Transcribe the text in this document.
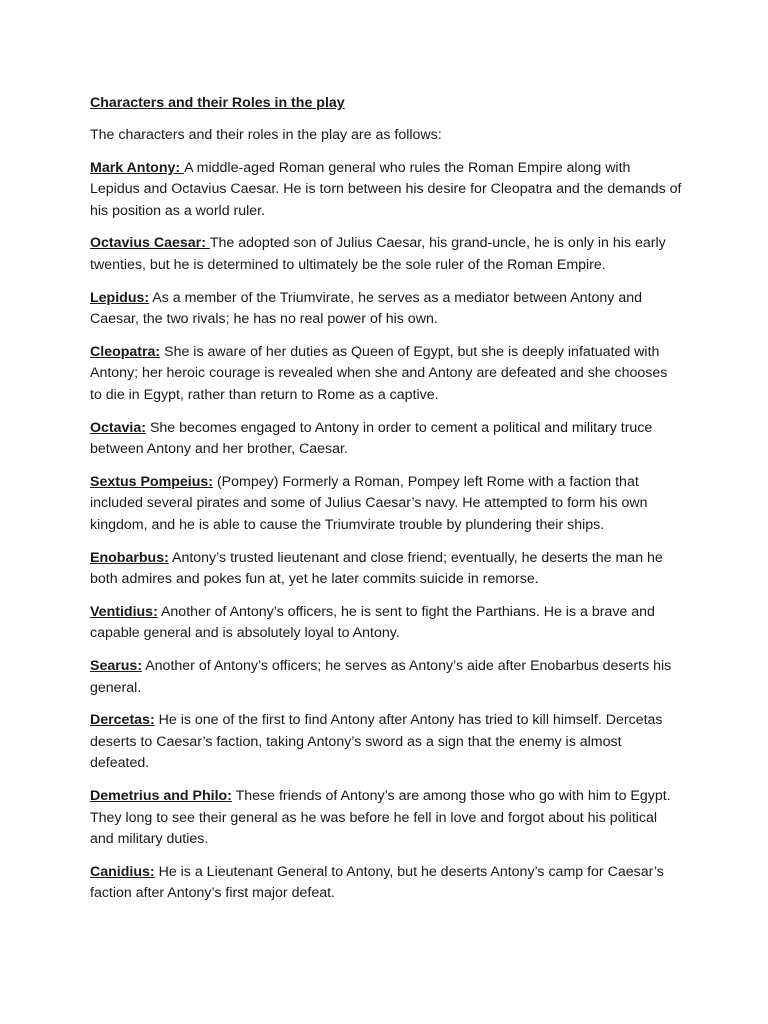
Characters and their Roles in the play

The characters and their roles in the play are as follows:

Mark Antony: A middle-aged Roman general who rules the Roman Empire along with Lepidus and Octavius Caesar. He is torn between his desire for Cleopatra and the demands of his position as a world ruler.

Octavius Caesar: The adopted son of Julius Caesar, his grand-uncle, he is only in his early twenties, but he is determined to ultimately be the sole ruler of the Roman Empire.

Lepidus: As a member of the Triumvirate, he serves as a mediator between Antony and Caesar, the two rivals; he has no real power of his own.

Cleopatra: She is aware of her duties as Queen of Egypt, but she is deeply infatuated with Antony; her heroic courage is revealed when she and Antony are defeated and she chooses to die in Egypt, rather than return to Rome as a captive.

Octavia: She becomes engaged to Antony in order to cement a political and military truce between Antony and her brother, Caesar.

Sextus Pompeius: (Pompey) Formerly a Roman, Pompey left Rome with a faction that included several pirates and some of Julius Caesar’s navy. He attempted to form his own kingdom, and he is able to cause the Triumvirate trouble by plundering their ships.

Enobarbus: Antony’s trusted lieutenant and close friend; eventually, he deserts the man he both admires and pokes fun at, yet he later commits suicide in remorse.

Ventidius: Another of Antony’s officers, he is sent to fight the Parthians. He is a brave and capable general and is absolutely loyal to Antony.

Searus: Another of Antony’s officers; he serves as Antony’s aide after Enobarbus deserts his general.

Dercetas: He is one of the first to find Antony after Antony has tried to kill himself. Dercetas deserts to Caesar’s faction, taking Antony’s sword as a sign that the enemy is almost defeated.

Demetrius and Philo: These friends of Antony’s are among those who go with him to Egypt. They long to see their general as he was before he fell in love and forgot about his political and military duties.

Canidius: He is a Lieutenant General to Antony, but he deserts Antony’s camp for Caesar’s faction after Antony’s first major defeat.
